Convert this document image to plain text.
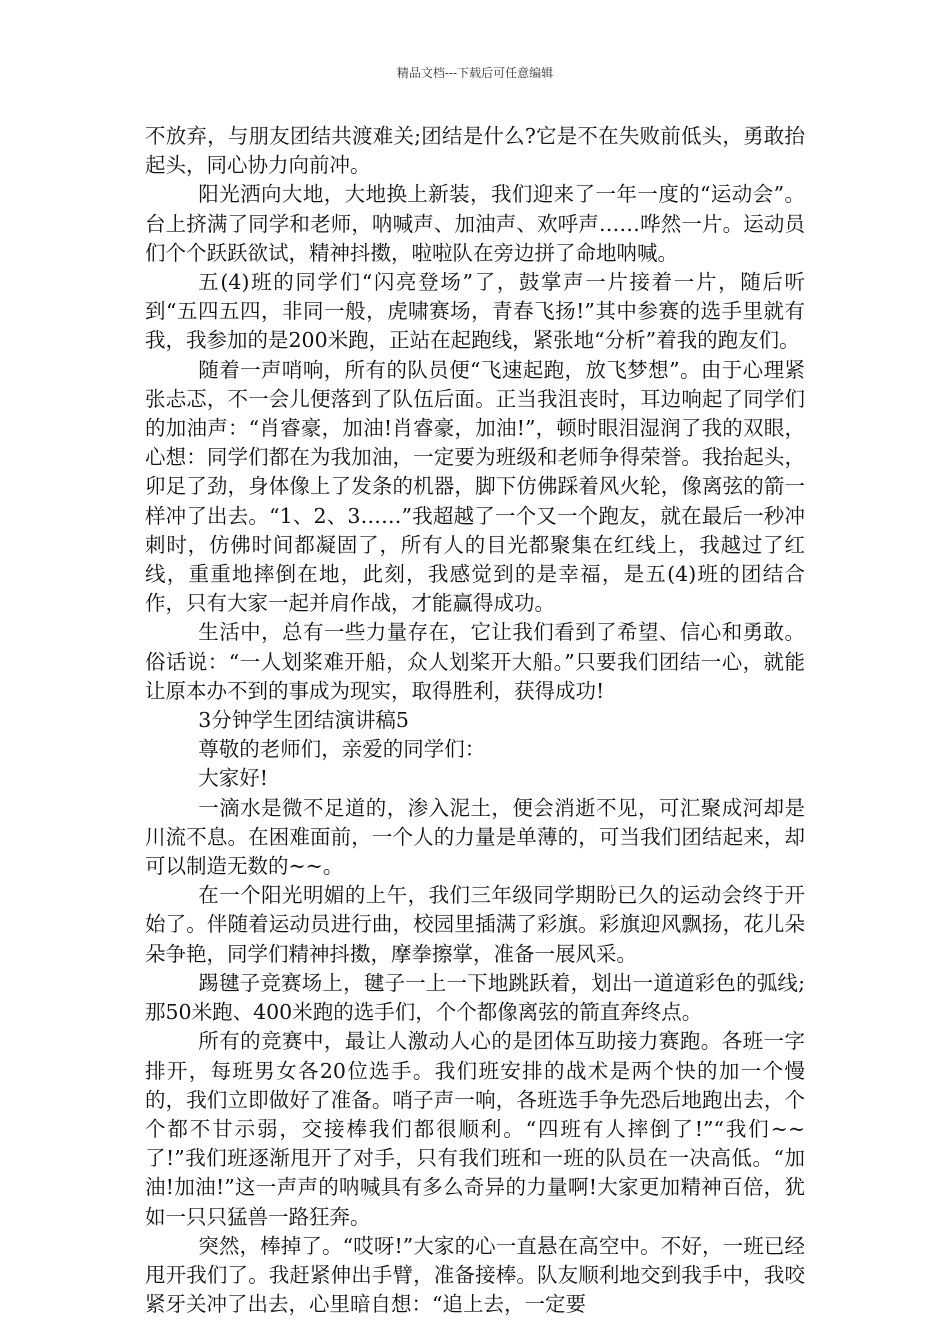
精品文档---下载后可任意编辑

不放弃，与朋友团结共渡难关;团结是什么?它是不在失败前低头，勇敢抬起头，同心协力向前冲。

阳光洒向大地，大地换上新装，我们迎来了一年一度的“运动会”。台上挤满了同学和老师，呐喊声、加油声、欢呼声……哗然一片。运动员们个个跃跃欲试，精神抖擞，啦啦队在旁边拼了命地呐喊。

五(4)班的同学们“闪亮登场”了，鼓掌声一片接着一片，随后听到“五四五四，非同一般，虎啸赛场，青春飞扬!”其中参赛的选手里就有我，我参加的是200米跑，正站在起跑线，紧张地“分析”着我的跑友们。

随着一声哨响，所有的队员便“飞速起跑，放飞梦想”。由于心理紧张忐忑，不一会儿便落到了队伍后面。正当我沮丧时，耳边响起了同学们的加油声：“肖睿豪，加油!肖睿豪，加油!”，顿时眼泪湿润了我的双眼，心想：同学们都在为我加油，一定要为班级和老师争得荣誉。我抬起头，卯足了劲，身体像上了发条的机器，脚下仿佛踩着风火轮，像离弦的箭一样冲了出去。“1、2、3……”我超越了一个又一个跑友，就在最后一秒冲刺时，仿佛时间都凝固了，所有人的目光都聚集在红线上，我越过了红线，重重地摔倒在地，此刻，我感觉到的是幸福，是五(4)班的团结合作，只有大家一起并肩作战，才能赢得成功。

生活中，总有一些力量存在，它让我们看到了希望、信心和勇敢。俗话说：“一人划桨难开船，众人划桨开大船。”只要我们团结一心，就能让原本办不到的事成为现实，取得胜利，获得成功!

3分钟学生团结演讲稿5

尊敬的老师们，亲爱的同学们：

大家好!

一滴水是微不足道的，渗入泥土，便会消逝不见，可汇聚成河却是川流不息。在困难面前，一个人的力量是单薄的，可当我们团结起来，却可以制造无数的~~。

在一个阳光明媚的上午，我们三年级同学期盼已久的运动会终于开始了。伴随着运动员进行曲，校园里插满了彩旗。彩旗迎风飘扬，花儿朵朵争艳，同学们精神抖擞，摩拳擦掌，准备一展风采。

踢毽子竞赛场上，毽子一上一下地跳跃着，划出一道道彩色的弧线;那50米跑、400米跑的选手们，个个都像离弦的箭直奔终点。

所有的竞赛中，最让人激动人心的是团体互助接力赛跑。各班一字排开，每班男女各20位选手。我们班安排的战术是两个快的加一个慢的，我们立即做好了准备。哨子声一响，各班选手争先恐后地跑出去，个个都不甘示弱，交接棒我们都很顺利。“四班有人摔倒了!”“我们~~了!”我们班逐渐甩开了对手，只有我们班和一班的队员在一决高低。“加油!加油!”这一声声的呐喊具有多么奇异的力量啊!大家更加精神百倍，犹如一只只猛兽一路狂奔。

突然，棒掉了。“哎呀!”大家的心一直悬在高空中。不好，一班已经甩开我们了。我赶紧伸出手臂，准备接棒。队友顺利地交到我手中，我咬紧牙关冲了出去，心里暗自想：“追上去，一定要
